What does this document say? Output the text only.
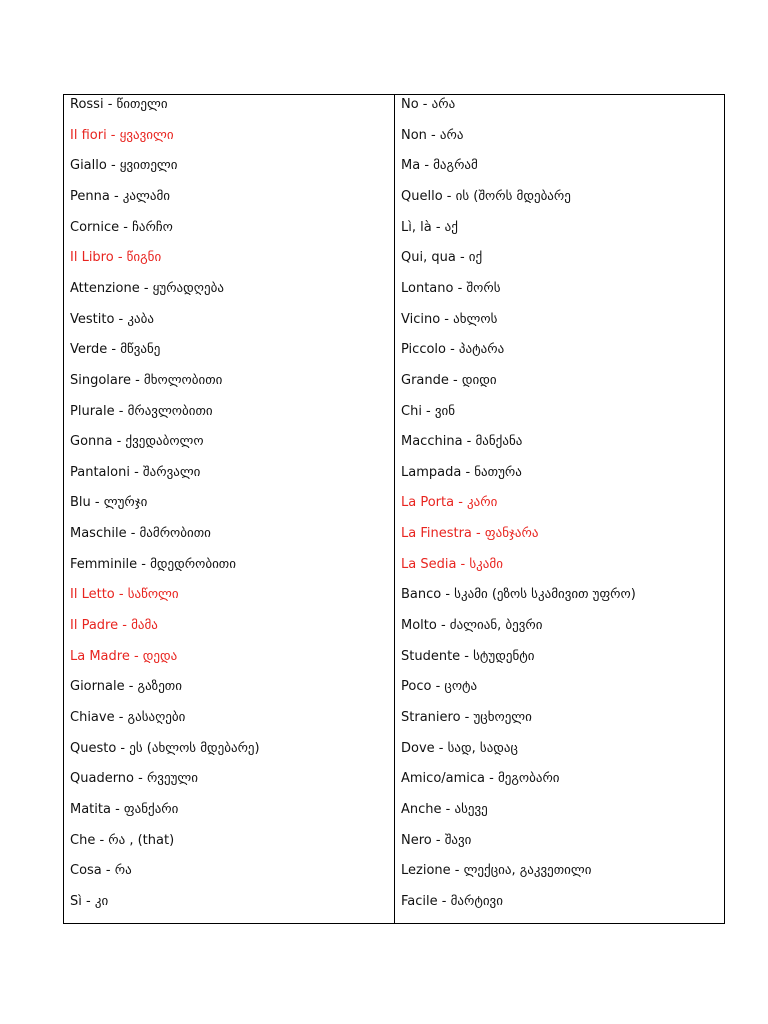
Rossi - წითელი
Il fiori - ყვავილი
Giallo - ყვითელი
Penna - კალამი
Cornice - ჩარჩო
Il Libro - წიგნი
Attenzione - ყურადღება
Vestito - კაბა
Verde - მწვანე
Singolare - მხოლობითი
Plurale - მრავლობითი
Gonna - ქვედაბოლო
Pantaloni - შარვალი
Blu - ლურჯი
Maschile - მამრობითი
Femminile - მდედრობითი
Il Letto - საწოლი
Il Padre - მამა
La Madre - დედა
Giornale - გაზეთი
Chiave - გასაღები
Questo - ეს (ახლოს მდებარე)
Quaderno - რვეული
Matita - ფანქარი
Che - რა , (that)
Cosa - რა
Sì - კი
No - არა
Non - არა
Ma - მაგრამ
Quello - ის (შორს მდებარე
Lì, là - აქ
Qui, qua - იქ
Lontano - შორს
Vicino - ახლოს
Piccolo - პატარა
Grande - დიდი
Chi - ვინ
Macchina - მანქანა
Lampada - ნათურა
La Porta - კარი
La Finestra - ფანჯარა
La Sedia - სკამი
Banco - სკამი (ეზოს სკამივით უფრო)
Molto - ძალიან, ბევრი
Studente - სტუდენტი
Poco - ცოტა
Straniero - უცხოელი
Dove - სად, სადაც
Amico/amica - მეგობარი
Anche - ასევე
Nero - შავი
Lezione - ლექცია, გაკვეთილი
Facile - მარტივი
